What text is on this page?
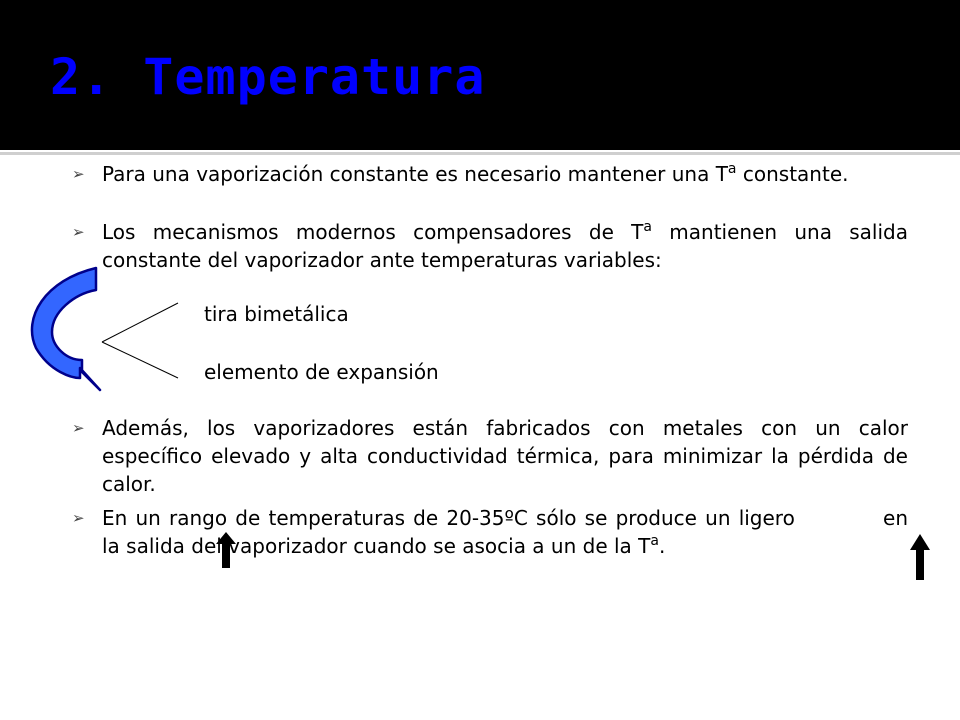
2. Temperatura
➢ Para una vaporización constante es necesario mantener una $T^a$ constante.
➢ Los mecanismos modernos compensadores de $T^a$ mantienen una salida constante del vaporizador ante temperaturas variables:
tira bimetálica
elemento de expansión
➢ Además, los vaporizadores están fabricados con metales con un calor específico elevado y alta conductividad térmica, para minimizar la pérdida de calor.
➢ En un rango de temperaturas de 20-35ºC sólo se produce un ligero	en la salida del vaporizador cuando se asocia a un de la $T^a$.
